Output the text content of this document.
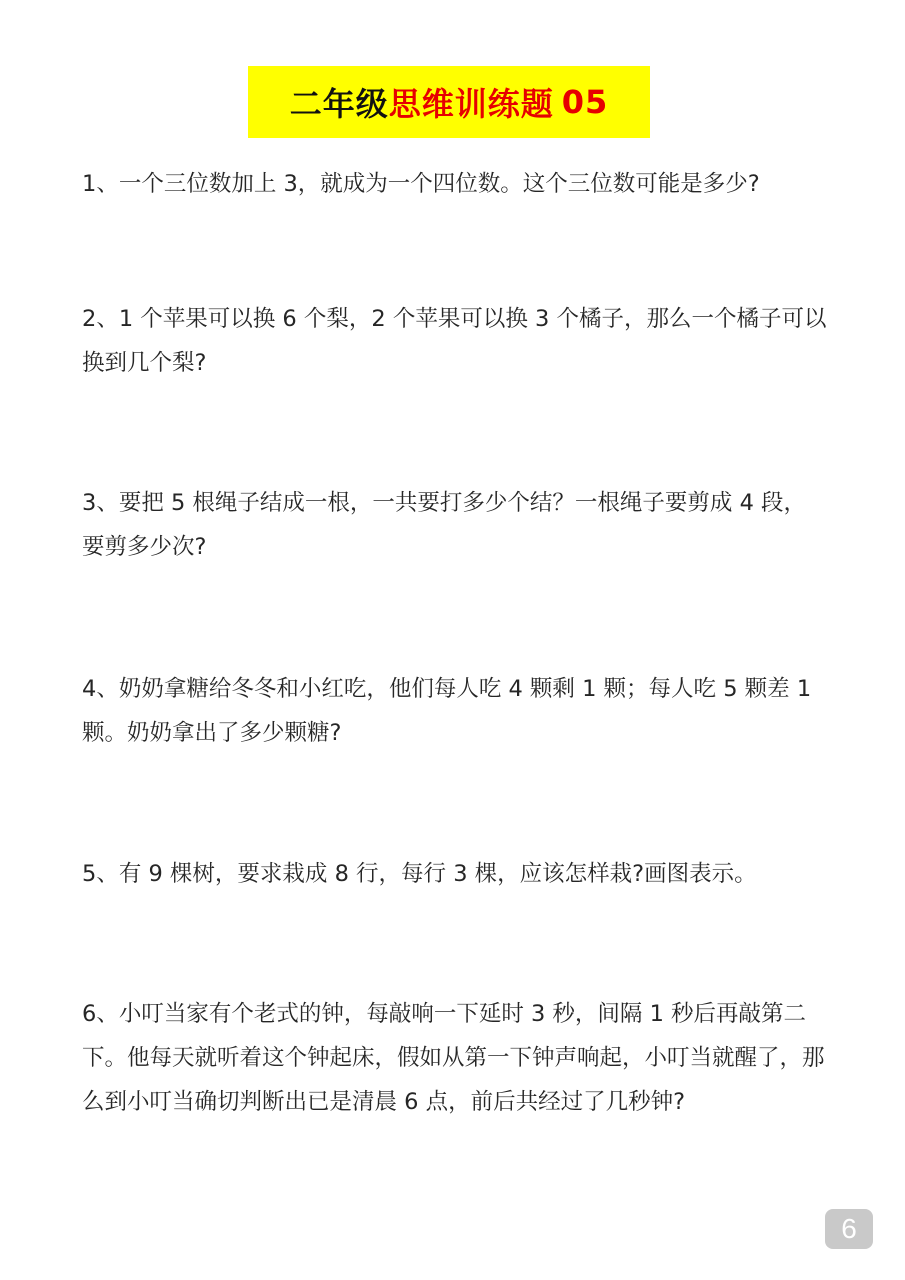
二年级 思维训练题 05
1、一个三位数加上 3，就成为一个四位数。这个三位数可能是多少?
2、1 个苹果可以换 6 个梨，2 个苹果可以换 3 个橘子，那么一个橘子可以换到几个梨?
3、要把 5 根绳子结成一根，一共要打多少个结？一根绳子要剪成 4 段，要剪多少次?
4、奶奶拿糖给冬冬和小红吃，他们每人吃 4 颗剩 1 颗；每人吃 5 颗差 1 颗。奶奶拿出了多少颗糖?
5、有 9 棵树，要求栽成 8 行，每行 3 棵，应该怎样栽?画图表示。
6、小叮当家有个老式的钟，每敲响一下延时 3 秒，间隔 1 秒后再敲第二下。他每天就听着这个钟起床，假如从第一下钟声响起，小叮当就醒了，那么到小叮当确切判断出已是清晨 6 点，前后共经过了几秒钟?
6
